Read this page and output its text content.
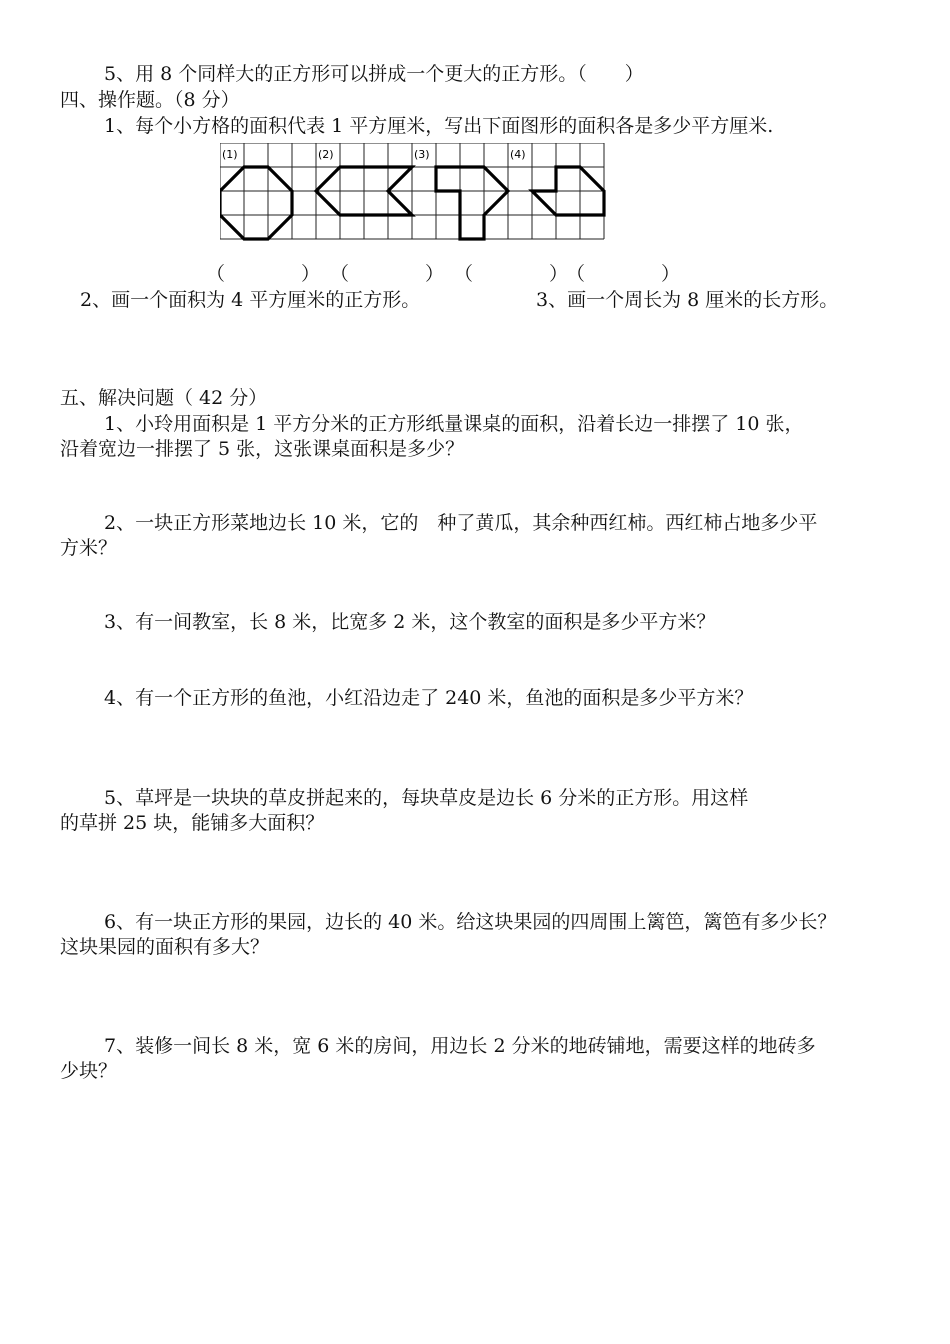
5、用 8 个同样大的正方形可以拼成一个更大的正方形。（　　）
四、操作题。（8 分）
1、每个小方格的面积代表 1 平方厘米，写出下面图形的面积各是多少平方厘米.
(1)	(2)	(3)	(4)
（　　　　） （　　　　） （　　　　）
（　　　　）
2、画一个面积为 4 平方厘米的正方形。	3、画一个周长为 8 厘米的长方形。
五、解决问题（ 42 分）
1、小玲用面积是 1 平方分米的正方形纸量课桌的面积，沿着长边一排摆了 10 张，
沿着宽边一排摆了 5 张，这张课桌面积是多少？
2、一块正方形菜地边长 10 米，它的　种了黄瓜，其余种西红柿。西红柿占地多少平
方米？
3、有一间教室，长 8 米，比宽多 2 米，这个教室的面积是多少平方米？
4、有一个正方形的鱼池，小红沿边走了 240 米，鱼池的面积是多少平方米？
5、草坪是一块块的草皮拼起来的，每块草皮是边长 6 分米的正方形。用这样
的草拼 25 块，能铺多大面积？
6、有一块正方形的果园，边长的 40 米。给这块果园的四周围上篱笆，篱笆有多少长？
这块果园的面积有多大？
7、装修一间长 8 米，宽 6 米的房间，用边长 2 分米的地砖铺地，需要这样的地砖多
少块？
